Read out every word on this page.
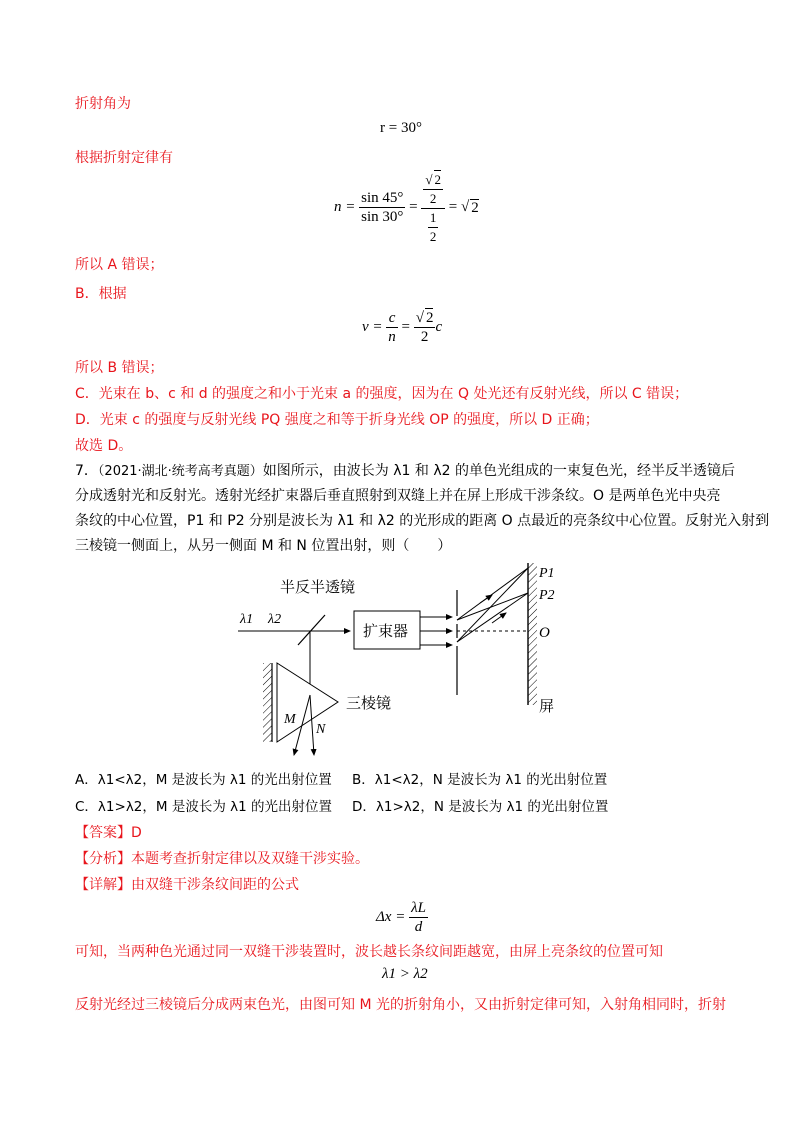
折射角为
r = 30°
根据折射定律有
n =
$\frac{\sin 45^\circ}{\sin 30^\circ} = \frac{\frac{√ 2}{2}}{\frac{1}{2}}$ = √ 2
所以 A 错误；
B．根据
v =
$\frac{c}{n} = \frac{√ 2}{2}$ c
所以 B 错误；
C．光束在 b、c 和 d 的强度之和小于光束 a 的强度，因为在 Q 处光还有反射光线，所以 C 错误；
D．光束 c 的强度与反射光线 PQ 强度之和等于折身光线 OP 的强度，所以 D 正确；
故选 D。
7．（2021·湖北·统考高考真题）如图所示，由波长为 λ1 和 λ2 的单色光组成的一束复色光，经半反半透镜后
分成透射光和反射光。透射光经扩束器后垂直照射到双缝上并在屏上形成干涉条纹。O 是两单色光中央亮
条纹的中心位置，P1 和 P2 分别是波长为 λ1 和 λ2 的光形成的距离 O 点最近的亮条纹中心位置。反射光入射到
三棱镜一侧面上，从另一侧面 M 和 N 位置出射，则（　　）
半反半透镜
λ1 λ2
扩束器
P1
P2
O
屏
三棱镜
M
N
A．λ1<λ2，M 是波长为 λ1 的光出射位置 B．λ1<λ2，N 是波长为 λ1 的光出射位置
C．λ1>λ2，M 是波长为 λ1 的光出射位置 D．λ1>λ2，N 是波长为 λ1 的光出射位置
【答案】D
【分析】本题考查折射定律以及双缝干涉实验。
【详解】由双缝干涉条纹间距的公式
Δx =
$\frac{\lambda L}{d}$
可知，当两种色光通过同一双缝干涉装置时，波长越长条纹间距越宽，由屏上亮条纹的位置可知
λ1 > λ2
反射光经过三棱镜后分成两束色光，由图可知 M 光的折射角小，又由折射定律可知，入射角相同时，折射
